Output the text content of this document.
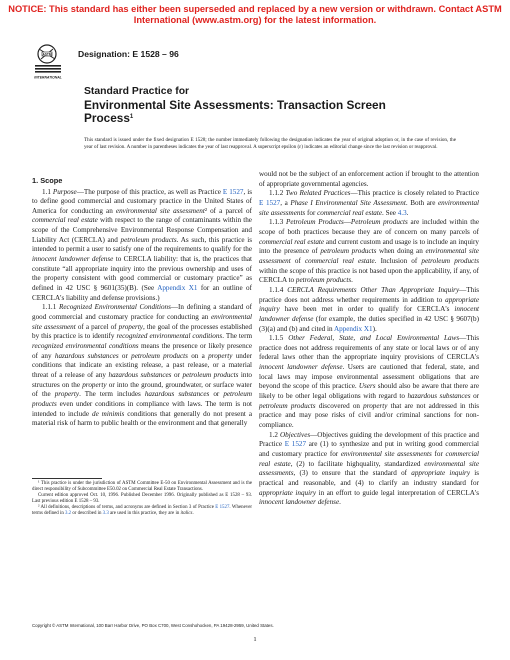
NOTICE: This standard has either been superseded and replaced by a new version or withdrawn. Contact ASTM
International (www.astm.org) for the latest information.
ASTM
INTERNATIONAL
Designation: E 1528 – 96
Standard Practice for
Environmental Site Assessments: Transaction Screen
Process$^1$
This standard is issued under the fixed designation E 1528; the number immediately following the designation indicates the year of original adoption or, in the case of revision, the year of last revision. A number in parentheses indicates the year of last reapproval. A superscript epsilon (ε) indicates an editorial change since the last revision or reapproval.
1. Scope

1.1 Purpose—The purpose of this practice, as well as Practice E 1527, is to define good commercial and customary practice in the United States of America for conducting an environmental site assessment² of a parcel of commercial real estate with respect to the range of contaminants within the scope of the Comprehensive Environmental Response Compensation and Liability Act (CERCLA) and petroleum products. As such, this practice is intended to permit a user to satisfy one of the requirements to qualify for the innocent landowner defense to CERCLA liability: that is, the practices that constitute “all appropriate inquiry into the previous ownership and uses of the property consistent with good commercial or customary practice” as defined in 42 USC § 9601(35)(B). (See Appendix X1 for an outline of CERCLA's liability and defense provisions.)

1.1.1 Recognized Environmental Conditions—In defining a standard of good commercial and customary practice for conducting an environmental site assessment of a parcel of property, the goal of the processes established by this practice is to identify recognized environmental conditions. The term recognized environmental conditions means the presence or likely presence of any hazardous substances or petroleum products on a property under conditions that indicate an existing release, a past release, or a material threat of a release of any hazardous substances or petroleum products into structures on the property or into the ground, groundwater, or surface water of the property. The term includes hazardous substances or petroleum products even under conditions in compliance with laws. The term is not intended to include de minimis conditions that generally do not present a material risk of harm to public health or the environment and that generally

¹ This practice is under the jurisdiction of ASTM Committee E-50 on Environmental Assessment and is the direct responsibility of Subcommittee E50.02 on Commercial Real Estate Transactions.

Current edition approved Oct. 10, 1996. Published December 1996. Originally published as E 1528 – 93. Last previous edition E 1528 – 93.

² All definitions, descriptions of terms, and acronyms are defined in Section 3 of Practice E 1527. Whenever terms defined in 3.2 or described in 3.3 are used in this practice, they are in italics.

would not be the subject of an enforcement action if brought to the attention of appropriate governmental agencies.

1.1.2 Two Related Practices—This practice is closely related to Practice E 1527, a Phase I Environmental Site Assessment. Both are environmental site assessments for commercial real estate. See 4.3.

1.1.3 Petroleum Products—Petroleum products are included within the scope of both practices because they are of concern on many parcels of commercial real estate and current custom and usage is to include an inquiry into the presence of petroleum products when doing an environmental site assessment of commercial real estate. Inclusion of petroleum products within the scope of this practice is not based upon the applicability, if any, of CERCLA to petroleum products.

1.1.4 CERCLA Requirements Other Than Appropriate Inquiry—This practice does not address whether requirements in addition to appropriate inquiry have been met in order to qualify for CERCLA's innocent landowner defense (for example, the duties specified in 42 USC § 9607(b)(3)(a) and (b) and cited in Appendix X1).

1.1.5 Other Federal, State, and Local Environmental Laws—This practice does not address requirements of any state or local laws or of any federal laws other than the appropriate inquiry provisions of CERCLA's innocent landowner defense. Users are cautioned that federal, state, and local laws may impose environmental assessment obligations that are beyond the scope of this practice. Users should also be aware that there are likely to be other legal obligations with regard to hazardous substances or petroleum products discovered on property that are not addressed in this practice and may pose risks of civil and/or criminal sanctions for non-compliance.

1.2 Objectives—Objectives guiding the development of this practice and Practice E 1527 are (1) to synthesize and put in writing good commercial and customary practice for environmental site assessments for commercial real estate, (2) to facilitate highquality, standardized environmental site assessments, (3) to ensure that the standard of appropriate inquiry is practical and reasonable, and (4) to clarify an industry standard for appropriate inquiry in an effort to guide legal interpretation of CERCLA's innocent landowner defense.

Copyright © ASTM International, 100 Barr Harbor Drive, PO Box C700, West Conshohocken, PA 19428-2959, United States.
1
